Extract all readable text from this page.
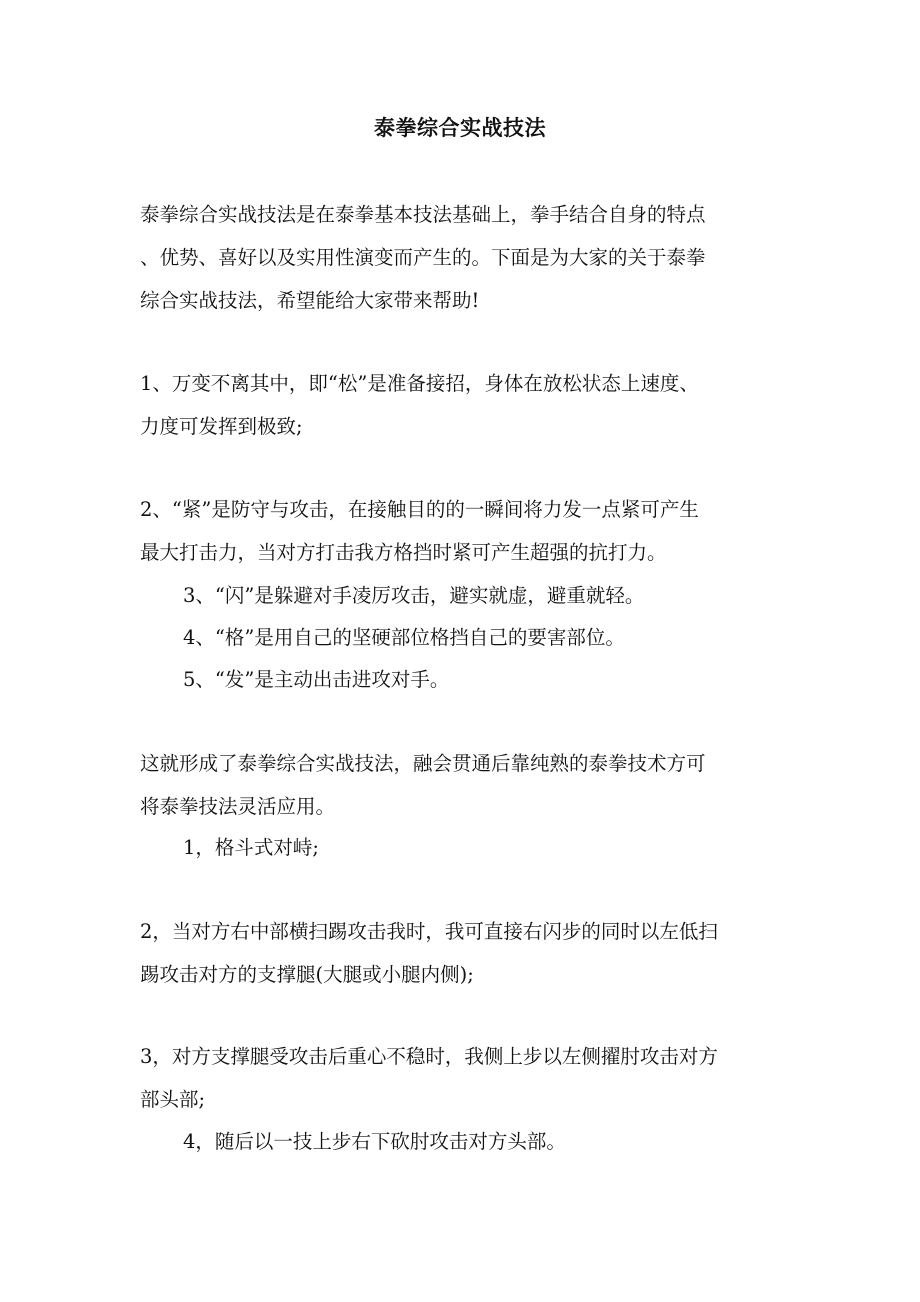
泰拳综合实战技法

泰拳综合实战技法是在泰拳基本技法基础上，拳手结合自身的特点
、优势、喜好以及实用性演变而产生的。下面是为大家的关于泰拳
综合实战技法，希望能给大家带来帮助!

1、万变不离其中，即“松”是准备接招，身体在放松状态上速度、
力度可发挥到极致;

2、“紧”是防守与攻击，在接触目的的一瞬间将力发一点紧可产生
最大打击力，当对方打击我方格挡时紧可产生超强的抗打力。

3、“闪”是躲避对手凌厉攻击，避实就虚，避重就轻。

4、“格”是用自己的坚硬部位格挡自己的要害部位。

5、“发”是主动出击进攻对手。

这就形成了泰拳综合实战技法，融会贯通后靠纯熟的泰拳技术方可
将泰拳技法灵活应用。

1，格斗式对峙;

2，当对方右中部横扫踢攻击我时，我可直接右闪步的同时以左低扫
踢攻击对方的支撑腿(大腿或小腿内侧);

3，对方支撑腿受攻击后重心不稳时，我侧上步以左侧擢肘攻击对方
部头部;

4，随后以一技上步右下砍肘攻击对方头部。
